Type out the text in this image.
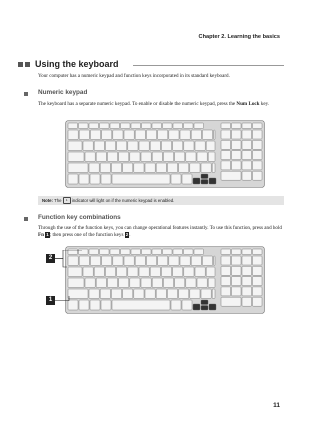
Chapter 2. Learning the basics
Using the keyboard
Your computer has a numeric keypad and function keys incorporated in its standard keyboard.
Numeric keypad
The keyboard has a separate numeric keypad. To enable or disable the numeric keypad, press the Num Lock key.
Note: The 1 indicator will light on if the numeric keypad is enabled.
Function key combinations
Through the use of the function keys, you can change operational features instantly. To use this function, press and hold Fn 1; then press one of the function keys 2.
2
1
11
